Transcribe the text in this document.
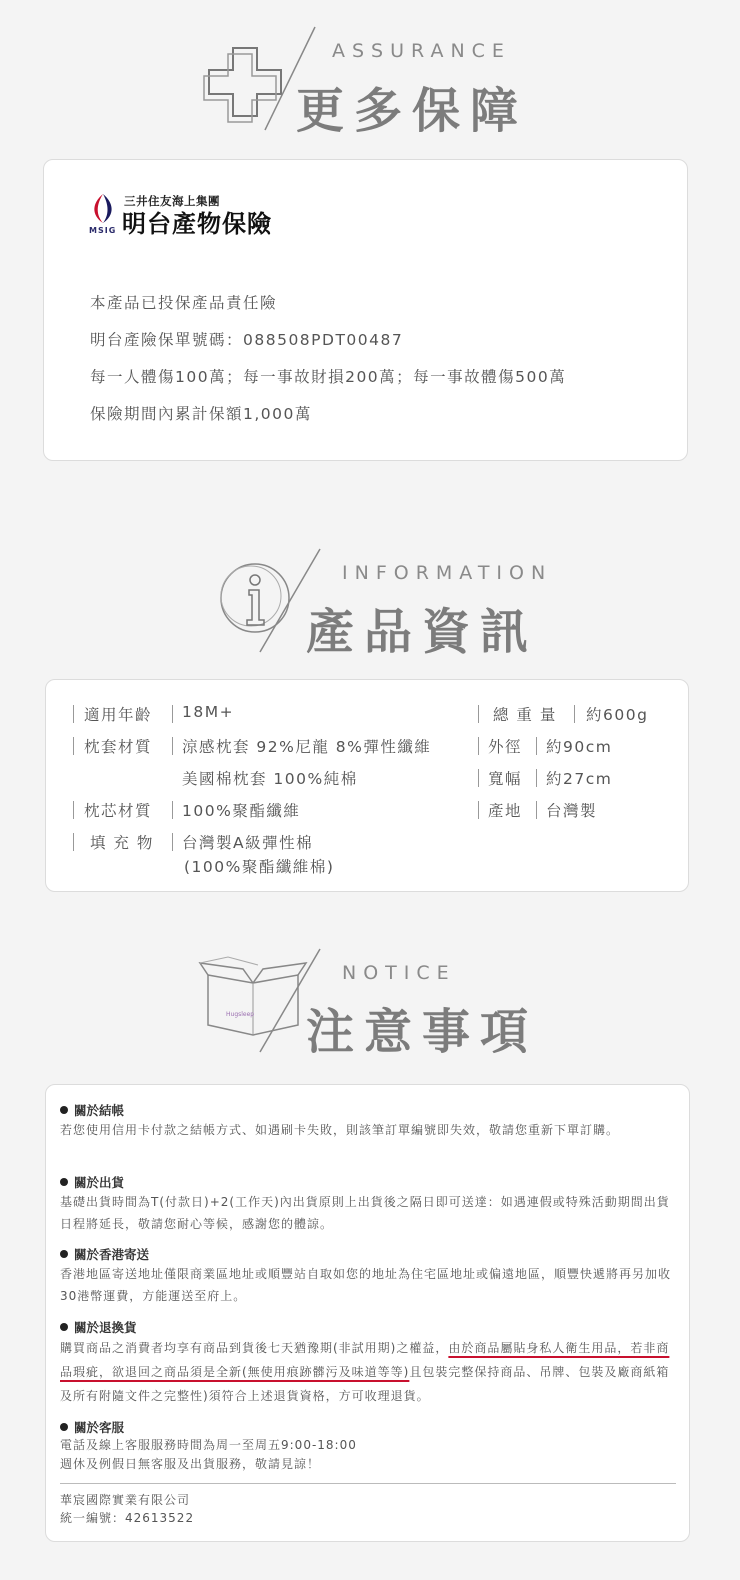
ASSURANCE
更多保障
三井住友海上集團
明台產物保險
MSIG
本產品已投保產品責任險
明台產險保單號碼：088508PDT00487
每一人體傷100萬；每一事故財損200萬；每一事故體傷500萬
保險期間內累計保額1,000萬
INFORMATION
產品資訊
適用年齡 18M+
枕套材質 涼感枕套 92%尼龍 8%彈性纖維
美國棉枕套 100%純棉
枕芯材質 100%聚酯纖維
填 充 物 台灣製A級彈性棉
(100%聚酯纖維棉)
總 重 量 約600g
外徑 約90cm
寬幅 約27cm
產地 台灣製
Hugsleep
NOTICE
注意事項
關於結帳
若您使用信用卡付款之結帳方式、如遇刷卡失敗，則該筆訂單編號即失效，敬請您重新下單訂購。
關於出貨
基礎出貨時間為T(付款日)+2(工作天)內出貨原則上出貨後之隔日即可送達：如遇連假或特殊活動期間出貨日程將延長，敬請您耐心等候，感謝您的體諒。
關於香港寄送
香港地區寄送地址僅限商業區地址或順豐站自取如您的地址為住宅區地址或偏遠地區，順豐快遞將再另加收30港幣運費，方能運送至府上。
關於退換貨
購買商品之消費者均享有商品到貨後七天猶豫期(非試用期)之權益，由於商品屬貼身私人衛生用品，若非商品瑕疵，欲退回之商品須是全新(無使用痕跡髒污及味道等等)且包裝完整保持商品、吊牌、包裝及廠商紙箱及所有附隨文件之完整性)須符合上述退貨資格，方可收理退貨。
關於客服
電話及線上客服服務時間為周一至周五9:00-18:00
週休及例假日無客服及出貨服務，敬請見諒！
華宸國際實業有限公司
統一編號：42613522
